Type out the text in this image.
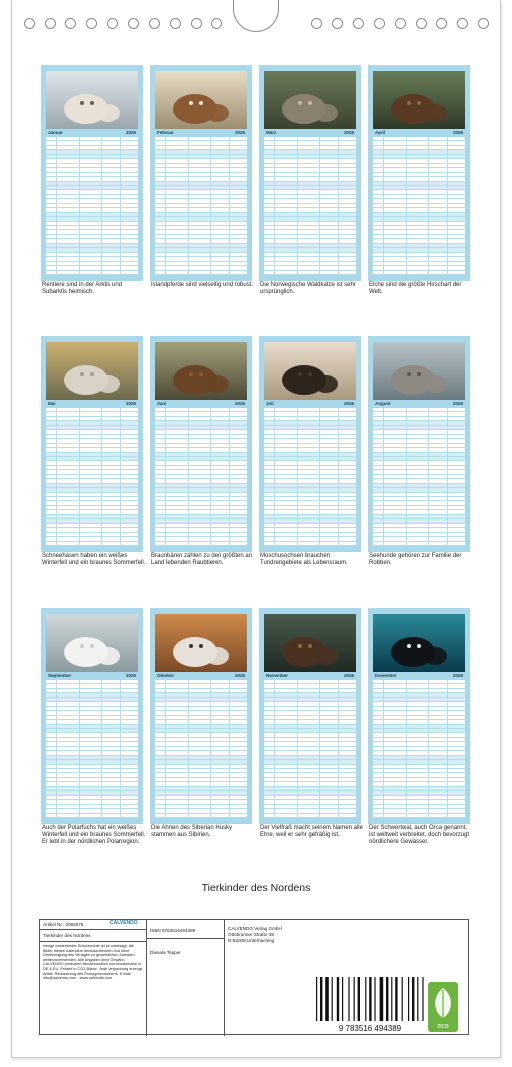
Januar	2026
Rentiere sind in der Arktis und Subarktis heimisch.
Februar	2026
Islandpferde sind vielseitig und robust.
März	2026
Die Norwegische Waldkatze ist sehr ursprünglich.
April	2026
Elche sind die größte Hirschart der Welt.
Mai	2026
Schneehasen haben ein weißes Winterfell und ein braunes Sommerfell.
Juni	2026
Braunbären zählen zu den größten an Land lebenden Raubtieren.
Juli	2026
Moschusochsen brauchen Tundrengebiete als Lebensraum.
August	2026
Seehunde gehören zur Familie der Robben.
September	2026
Auch der Polarfuchs hat ein weißes Winterfell und ein braunes Sommerfell. Er lebt in der nördlichen Polarregion.
Oktober	2026
Die Ahnen des Siberian Husky stammen aus Sibirien.
November	2026
Der Vielfraß macht seinem Namen alle Ehre, weil er sehr gefräßig ist.
Dezember	2026
Der Schwertwal, auch Orca genannt, ist weltweit verbreitet, doch bevorzugt nördlichere Gewässer.
Tierkinder des Nordens
Artikel Nr.: 2084576	CALVENDO
Tierkinder des Nordens
Infolge bestehender Schutzrechte ist es untersagt, die Bilder dieses Kalenders herauszutrennen und ohne Genehmigung des Verlages zu gewerblichen Zwecken weiterzuverwenden. Alle Angaben ohne Gewähr. CALVENDO produziert klimafreundlich und klimaneutral in DE & EU. Printed in CO2-Bilanz. Jede Verpackung erzeugt Abfall. Reduzierung des Erzeugnisvolumens. E-Mail: info@calvendo.com · www.calvendo.com
ISBN 9783516494389
Daniela Tepper
CALVENDO Verlag GmbH
Ottobrunner Straße 39
D-82008 Unterhaching
9 783516 494389	eco
